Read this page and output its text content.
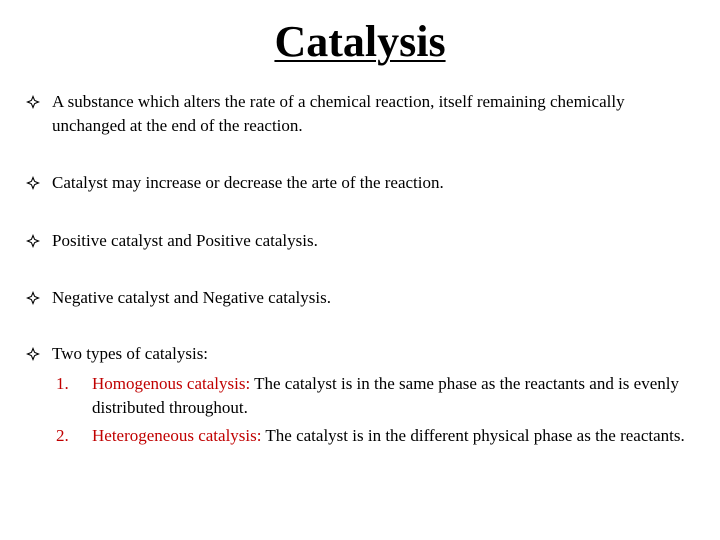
Catalysis
A substance which alters the rate of a chemical reaction, itself remaining chemically unchanged at the end of the reaction.
Catalyst may increase or decrease the arte of the reaction.
Positive catalyst and Positive catalysis.
Negative catalyst and Negative catalysis.
Two types of catalysis:
1.	Homogenous catalysis: The catalyst is in the same phase as the reactants and is evenly distributed throughout.
2.	Heterogeneous catalysis: The catalyst is in the different physical phase as the reactants.
